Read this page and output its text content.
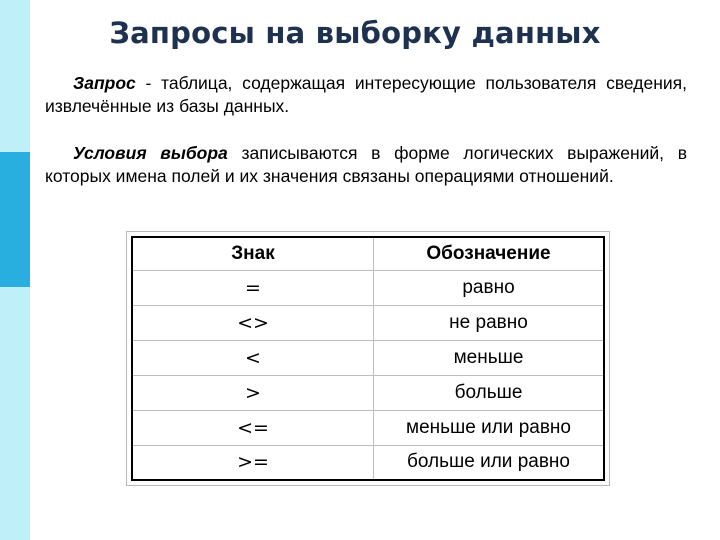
Запросы на выборку данных
Запрос - таблица, содержащая интересующие пользователя сведения, извлечённые из базы данных.
Условия выбора записываются в форме логических выражений, в которых имена полей и их значения связаны операциями отношений.
Знак	Обозначение
=	равно
<>	не равно
<	меньше
>	больше
<=	меньше или равно
>=	больше или равно
